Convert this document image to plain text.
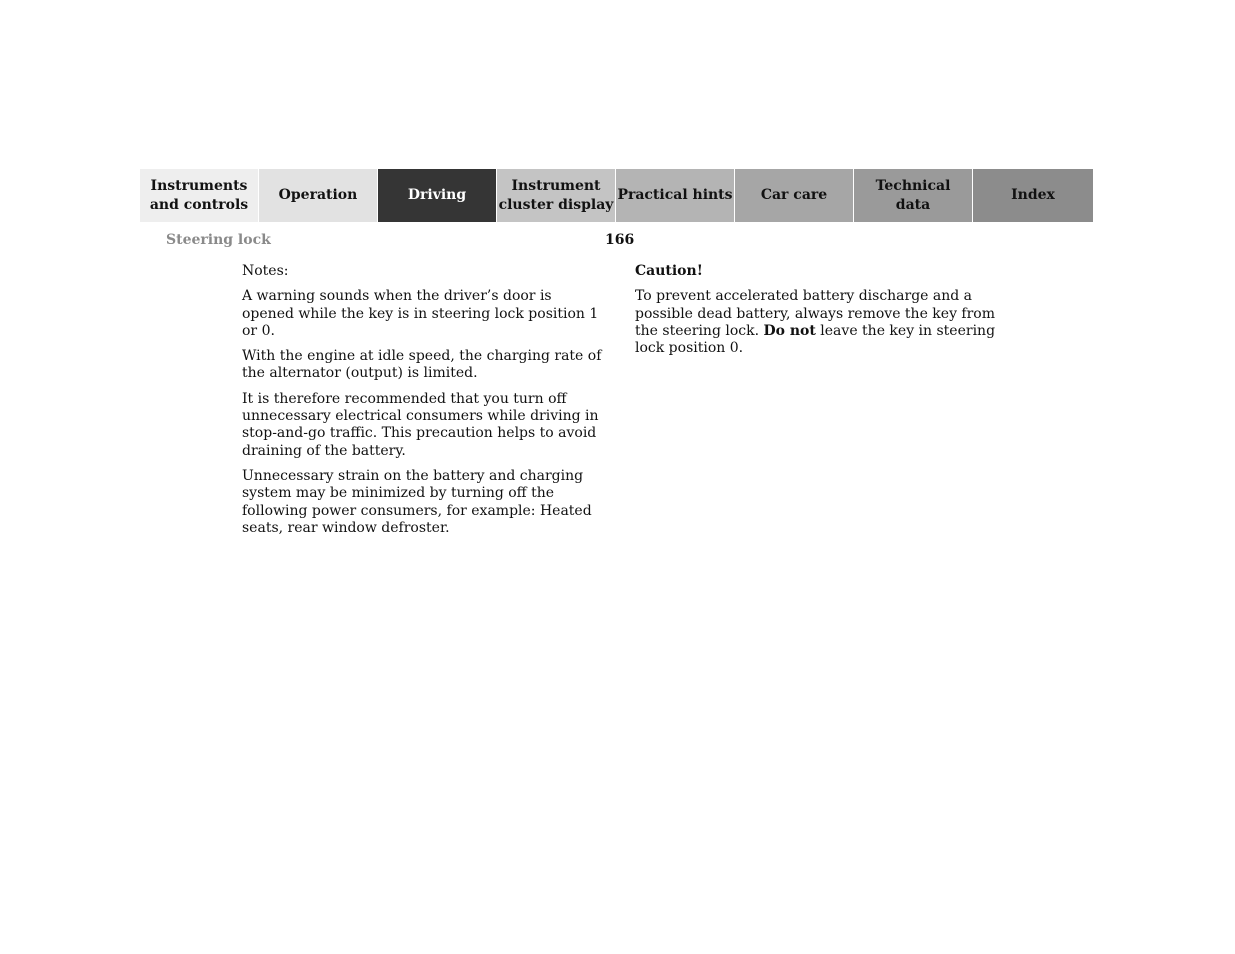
Instruments
and controls
Operation	Driving
Instrument
cluster display
Practical hints Car care
Technical
data
Index
Steering lock	166

Notes:

A warning sounds when the driver’s door is opened while the key is in steering lock position 1 or 0.

With the engine at idle speed, the charging rate of the alternator (output) is limited.

It is therefore recommended that you turn off unnecessary electrical consumers while driving in stop-and-go traffic. This precaution helps to avoid draining of the battery.

Unnecessary strain on the battery and charging system may be minimized by turning off the following power consumers, for example: Heated seats, rear window defroster.

Caution!

To prevent accelerated battery discharge and a possible dead battery, always remove the key from the steering lock. Do not leave the key in steering lock position 0.
